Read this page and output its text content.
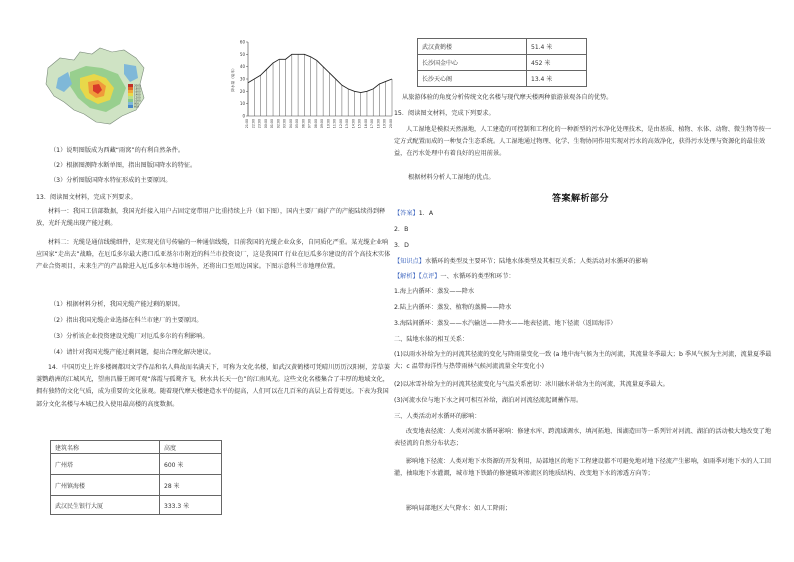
2000
1800
1600
1400
1200
1000
800
600
60
50
40
30
20
10
0
降水量（毫米）
21:00 22:00 23:00 00:00 01:00 02:00 03:00 04:00 05:00 06:00 07:00 08:00 09:00 10:00 11:00 12:00 13:00 14:00 15:00 16:00 17:00 18:00 19:00 20:00
（1）说明图版成为西藏“雨窝”的有利自然条件。
（2）根据图测降水断单图，指出图版国降水的特征。
（3）分析图版国降水特征形成的主要原因。
13．阅读图文材料，完成下列要求。
材料一：我国工信部数据，我国光纤接入用户占固定宽带用户比重持续上升（如下图），国内主要厂商扩产的产能陆续得到释放，光纤光缆出现产能过剩。
材料二：光缆是通信线缆细件，是实现光信号传输的一种通信线缆，目前我国的光缆企业众多，自同质化严重。某光缆企业响应国家“走出去”战略，在厄瓜多尔最大港口瓜亚基尔市附近的科兰市投资设厂，这是我国IT 行业在厄瓜多尔建设的首个高技术实体产业合资项目，未来生产的产品除进入厄瓜多尔本地市场外，还将出口至周边国家。下图示意科兰市地理位置。
（1）根据材料分析，我国光缆产能过剩的原因。
（2）指出我国光缆企业选择在科兰市建厂的主要原因。
（3）分析该企业投资建设光缆厂对厄瓜多尔的有利影响。
（4）请针对我国光缆产能过剩问题，提出合理化解决建议。
14．中国历史上许多楼阁都因文学作品和名人典故而名满天下，可称为文化名楼，如武汉黄鹤楼可凭晴川历历汉阳树，芳草萋萋鹦鹉洲的江城风光，望南昌滕王阁可观“落霞与孤鹜齐飞，秋水共长天一色”的江南风光。这些文化名楼集合了丰厚的地域文化，拥有独特的文化气质，成为重要的文化景观。随着现代摩天楼建造水平的提高，人们可以在几百米的高层上看得更远。下表为我国部分文化名楼与本城已投入使用最高楼的高度数据。
建筑名称	高度
广州塔	600 米
广州镇海楼	28 米
武汉民生银行大厦	333.3 米
武汉黄鹤楼	51.4 米
长沙国金中心	452 米
长沙天心阁	13.4 米
从旅游体验的角度分析传统文化名楼与现代摩天楼两种旅游景观各自的优势。
15．阅读图文材料，完成下列要求。
人工湿地是模拟天然湿地，人工建造的可控制和工程化的一种新型的污水净化处理技术，是由基质、植物、水体、动物、微生物等按一定方式配置而成的一种复合生态系统。人工湿地通过物理、化学、生物协同作用实现对污水的高效净化，获得污水处理与资源化的最佳效益，在污水处理中有着良好的应用前景。
根据材料分析人工湿地的优点。
答案解析部分
【答案】1．A
2．B
3．D
【知识点】水循环的类型及主要环节；陆地水体类型及其相互关系；人类活动对水循环的影响
【解析】【点评】一、水循环的类型和环节：
1.海上内循环：蒸发——降水
2.陆上内循环：蒸发、植物的蒸腾——降水
3.海陆间循环：蒸发——水汽输送——降水——地表径流、地下径流（返回海洋）
二、陆地水体的相互关系：
(1)以雨水补给为主的河流其径流的变化与降雨量变化一致 (a 地中海气候为主的河流，其流量冬季最大；b 季风气候为主河流，流量夏季最大；c 温带海洋性与热带雨林气候河流流量全年变化小)
(2)以冰雪补给为主的河流其径流变化与气温关系密切：冰川融水补给为主的河流，其流量夏季最大。
(3)河流水位与地下水之间可相互补给，湖泊对河流径流起调蓄作用。
三、人类活动对水循环的影响：
改变地表径流：人类对河流水循环影响：修建水库、跨流域调水，填河拓地、围湖造田等一系列针对河流、湖泊的活动极大地改变了地表径流的自然分布状态；
影响地下径流：人类对地下水资源的开发利用，局部地区的地下工程建设都不可避免地对地下径流产生影响，如雨季对地下水的人工回灌，抽取地下水灌溉，城市地下铁路的修建破坏渗流区的地质结构、改变地下水的渗透方向等；
影响局部地区大气降水：如人工降雨；
